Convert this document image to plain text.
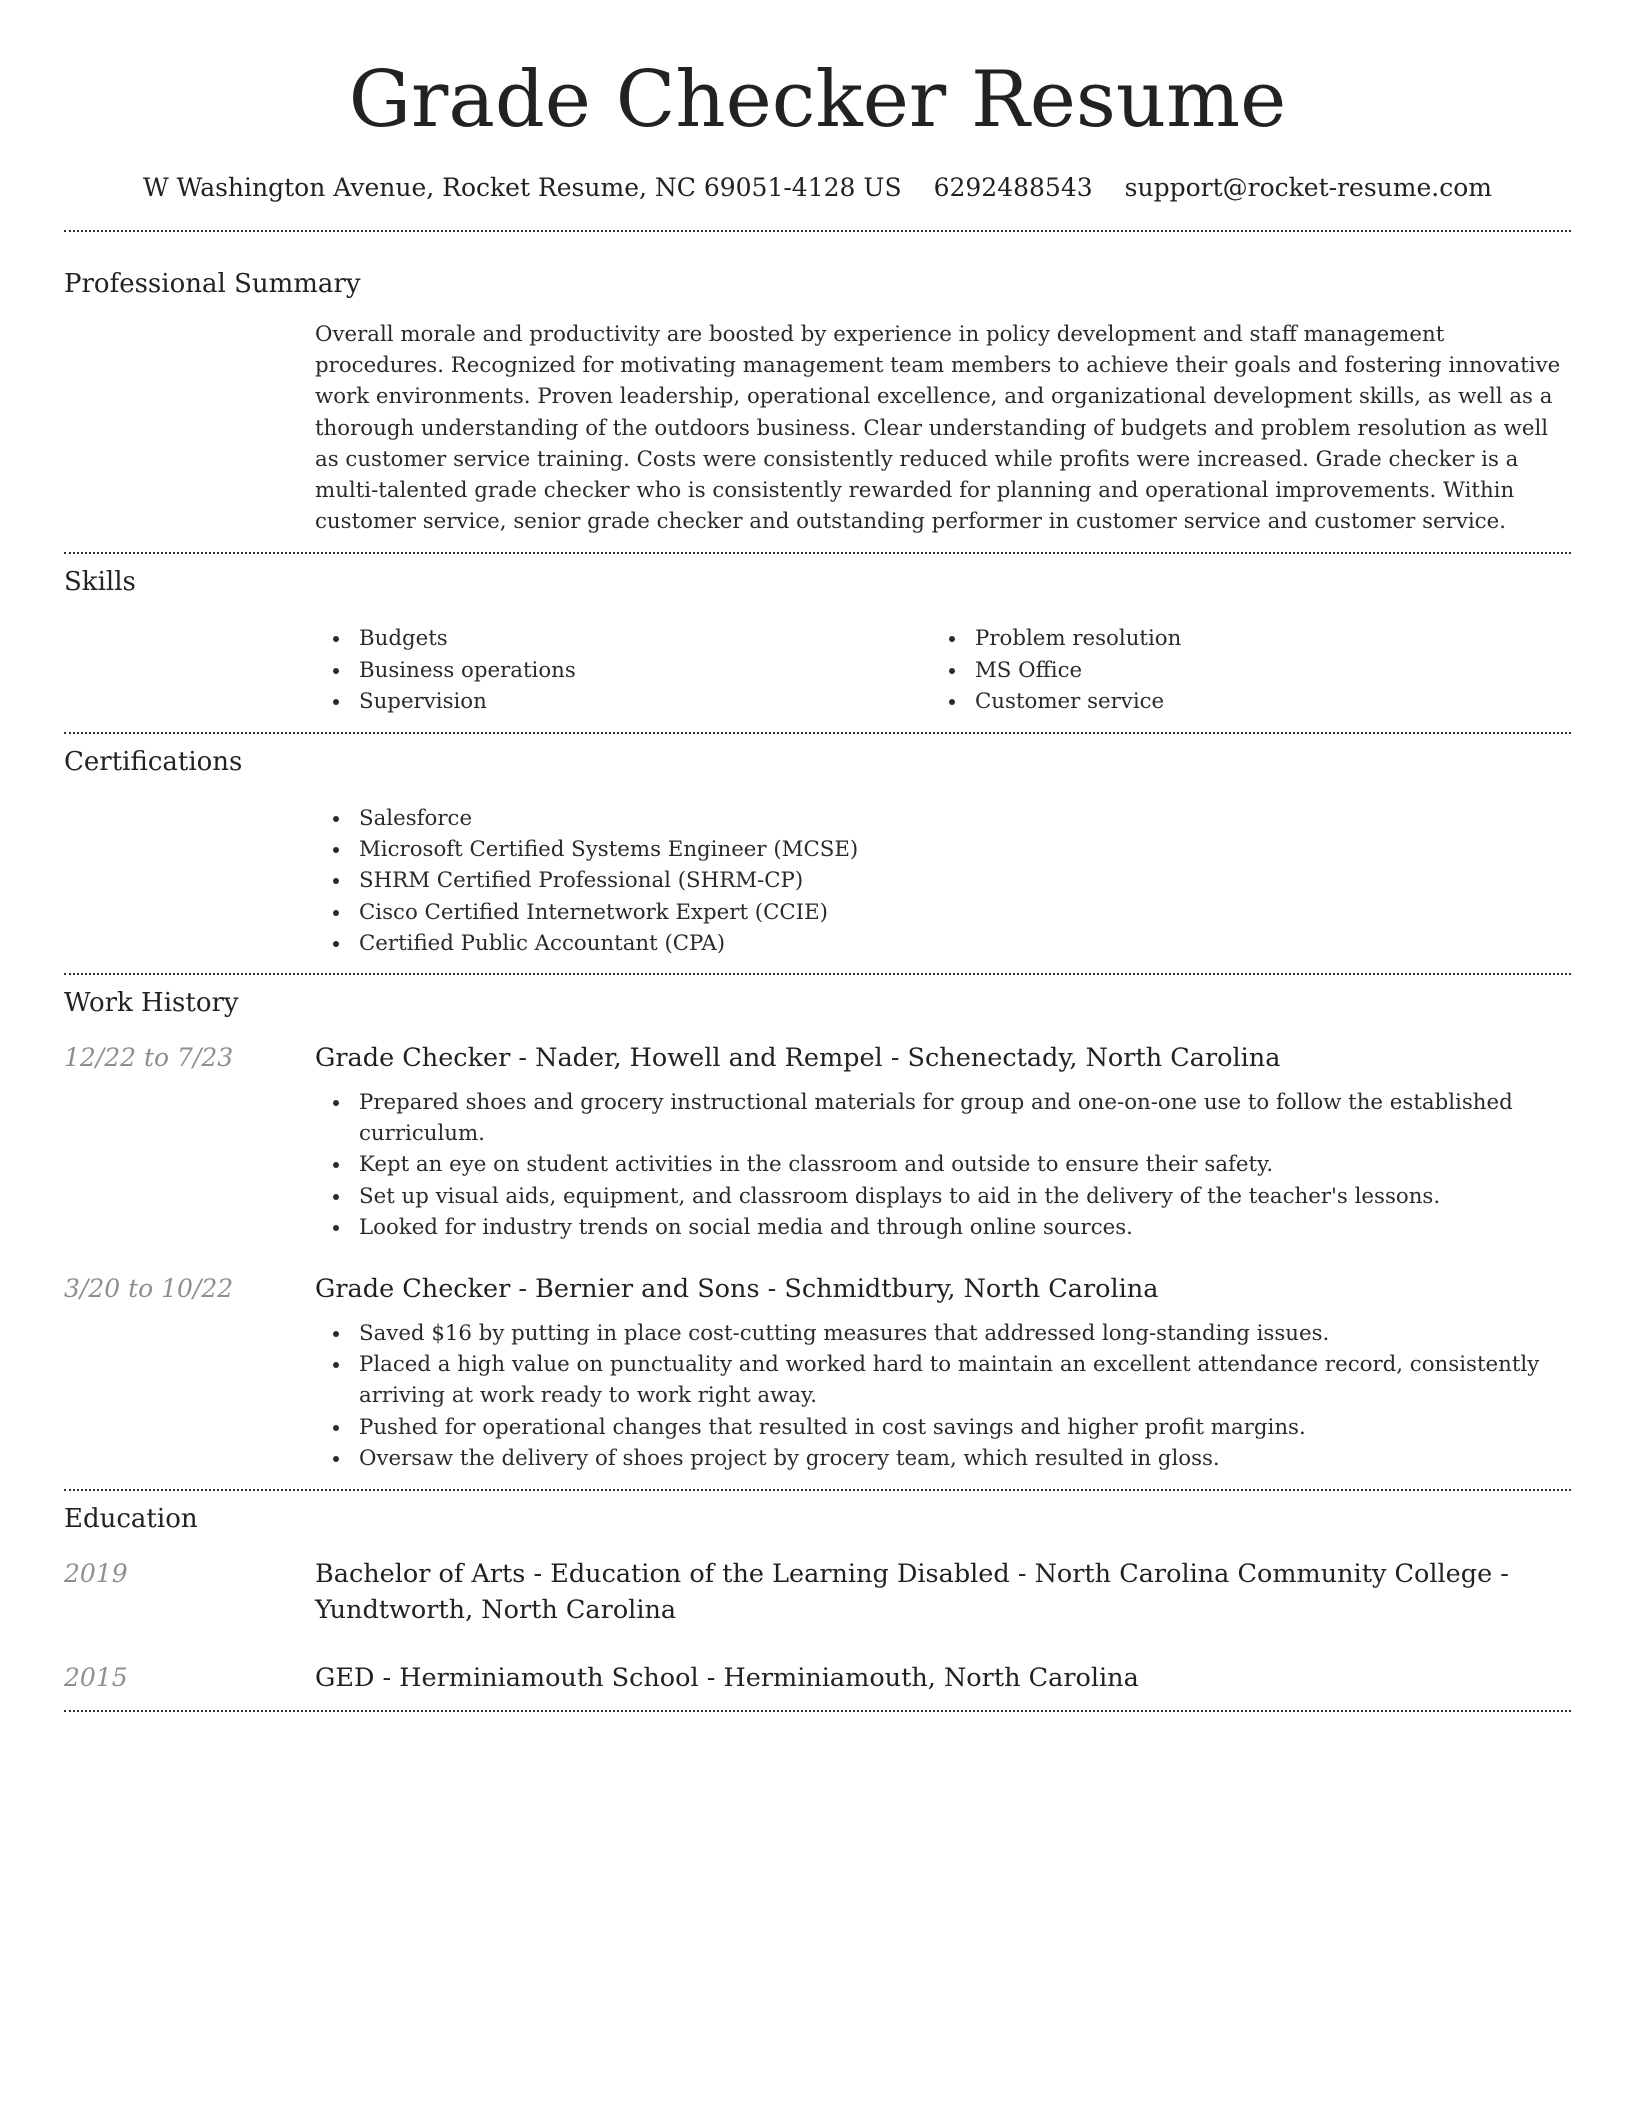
Grade Checker Resume
W Washington Avenue, Rocket Resume, NC 69051-4128 US 6292488543 support@rocket-resume.com
Professional Summary
Overall morale and productivity are boosted by experience in policy development and staff management procedures. Recognized for motivating management team members to achieve their goals and fostering innovative work environments. Proven leadership, operational excellence, and organizational development skills, as well as a thorough understanding of the outdoors business. Clear understanding of budgets and problem resolution as well as customer service training. Costs were consistently reduced while profits were increased. Grade checker is a multi-talented grade checker who is consistently rewarded for planning and operational improvements. Within customer service, senior grade checker and outstanding performer in customer service and customer service.
Skills
Budgets
Business operations
Supervision
Problem resolution
MS Office
Customer service
Certifications
Salesforce
Microsoft Certified Systems Engineer (MCSE)
SHRM Certified Professional (SHRM-CP)
Cisco Certified Internetwork Expert (CCIE)
Certified Public Accountant (CPA)
Work History
12/22 to 7/23	Grade Checker - Nader, Howell and Rempel - Schenectady, North Carolina
Prepared shoes and grocery instructional materials for group and one-on-one use to follow the established curriculum.
Kept an eye on student activities in the classroom and outside to ensure their safety.
Set up visual aids, equipment, and classroom displays to aid in the delivery of the teacher's lessons.
Looked for industry trends on social media and through online sources.
3/20 to 10/22	Grade Checker - Bernier and Sons - Schmidtbury, North Carolina
Saved $16 by putting in place cost-cutting measures that addressed long-standing issues.
Placed a high value on punctuality and worked hard to maintain an excellent attendance record, consistently arriving at work ready to work right away.
Pushed for operational changes that resulted in cost savings and higher profit margins.
Oversaw the delivery of shoes project by grocery team, which resulted in gloss.
Education
2019	Bachelor of Arts - Education of the Learning Disabled - North Carolina Community College - Yundtworth, North Carolina
2015	GED - Herminiamouth School - Herminiamouth, North Carolina
